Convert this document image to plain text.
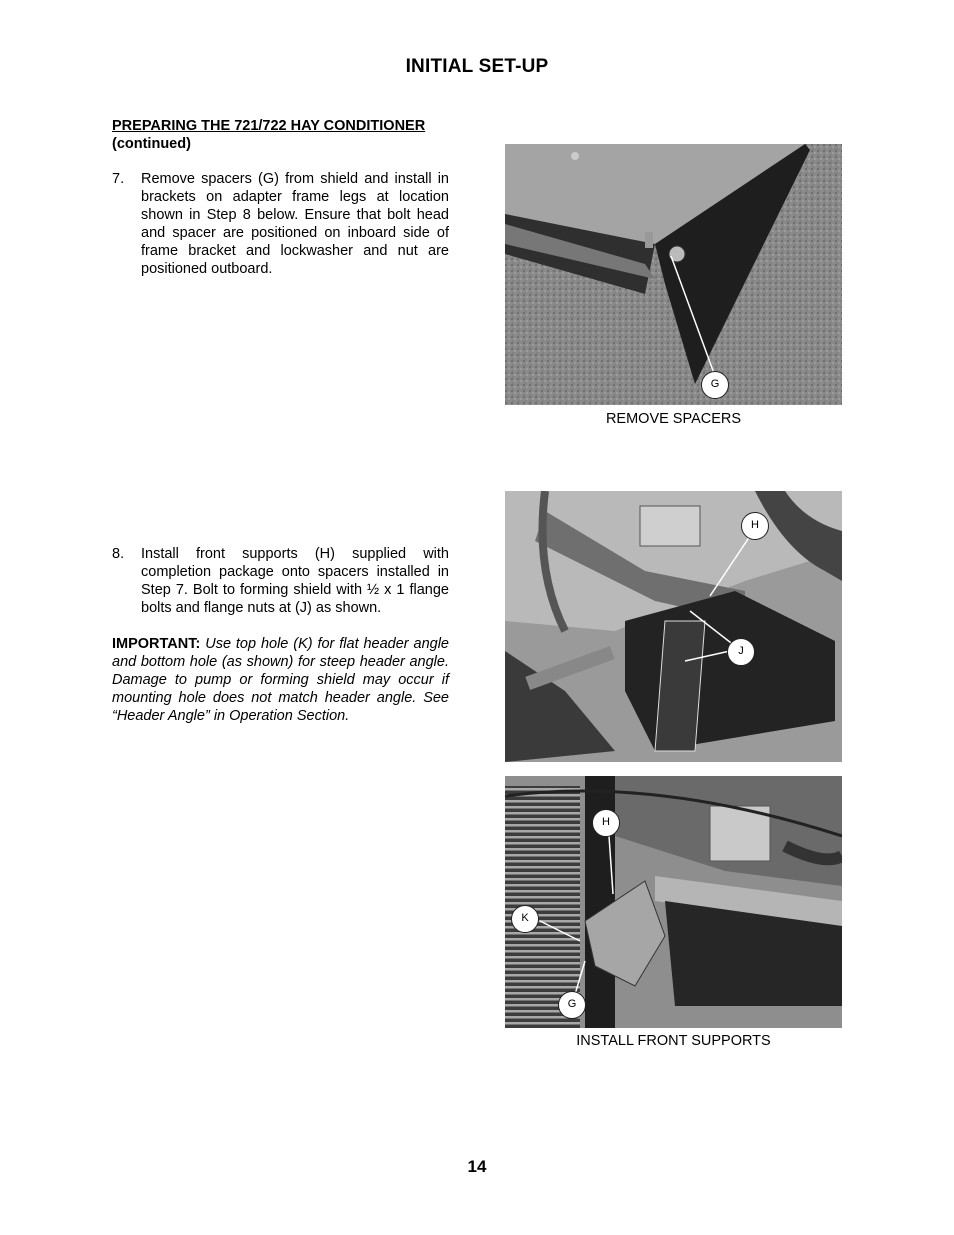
INITIAL SET-UP
PREPARING THE 721/722 HAY CONDITIONER
(continued)
7.	Remove spacers (G) from shield and install in brackets on adapter frame legs at location shown in Step 8 below. Ensure that bolt head and spacer are positioned on inboard side of frame bracket and lockwasher and nut are positioned outboard.
8.	Install front supports (H) supplied with completion package onto spacers installed in Step 7. Bolt to forming shield with ½ x 1 flange bolts and flange nuts at (J) as shown.
IMPORTANT: Use top hole (K) for flat header angle and bottom hole (as shown) for steep header angle. Damage to pump or forming shield may occur if mounting hole does not match header angle. See “Header Angle” in Operation Section.
G
REMOVE SPACERS
H
J
H
K
G
INSTALL FRONT SUPPORTS
14
